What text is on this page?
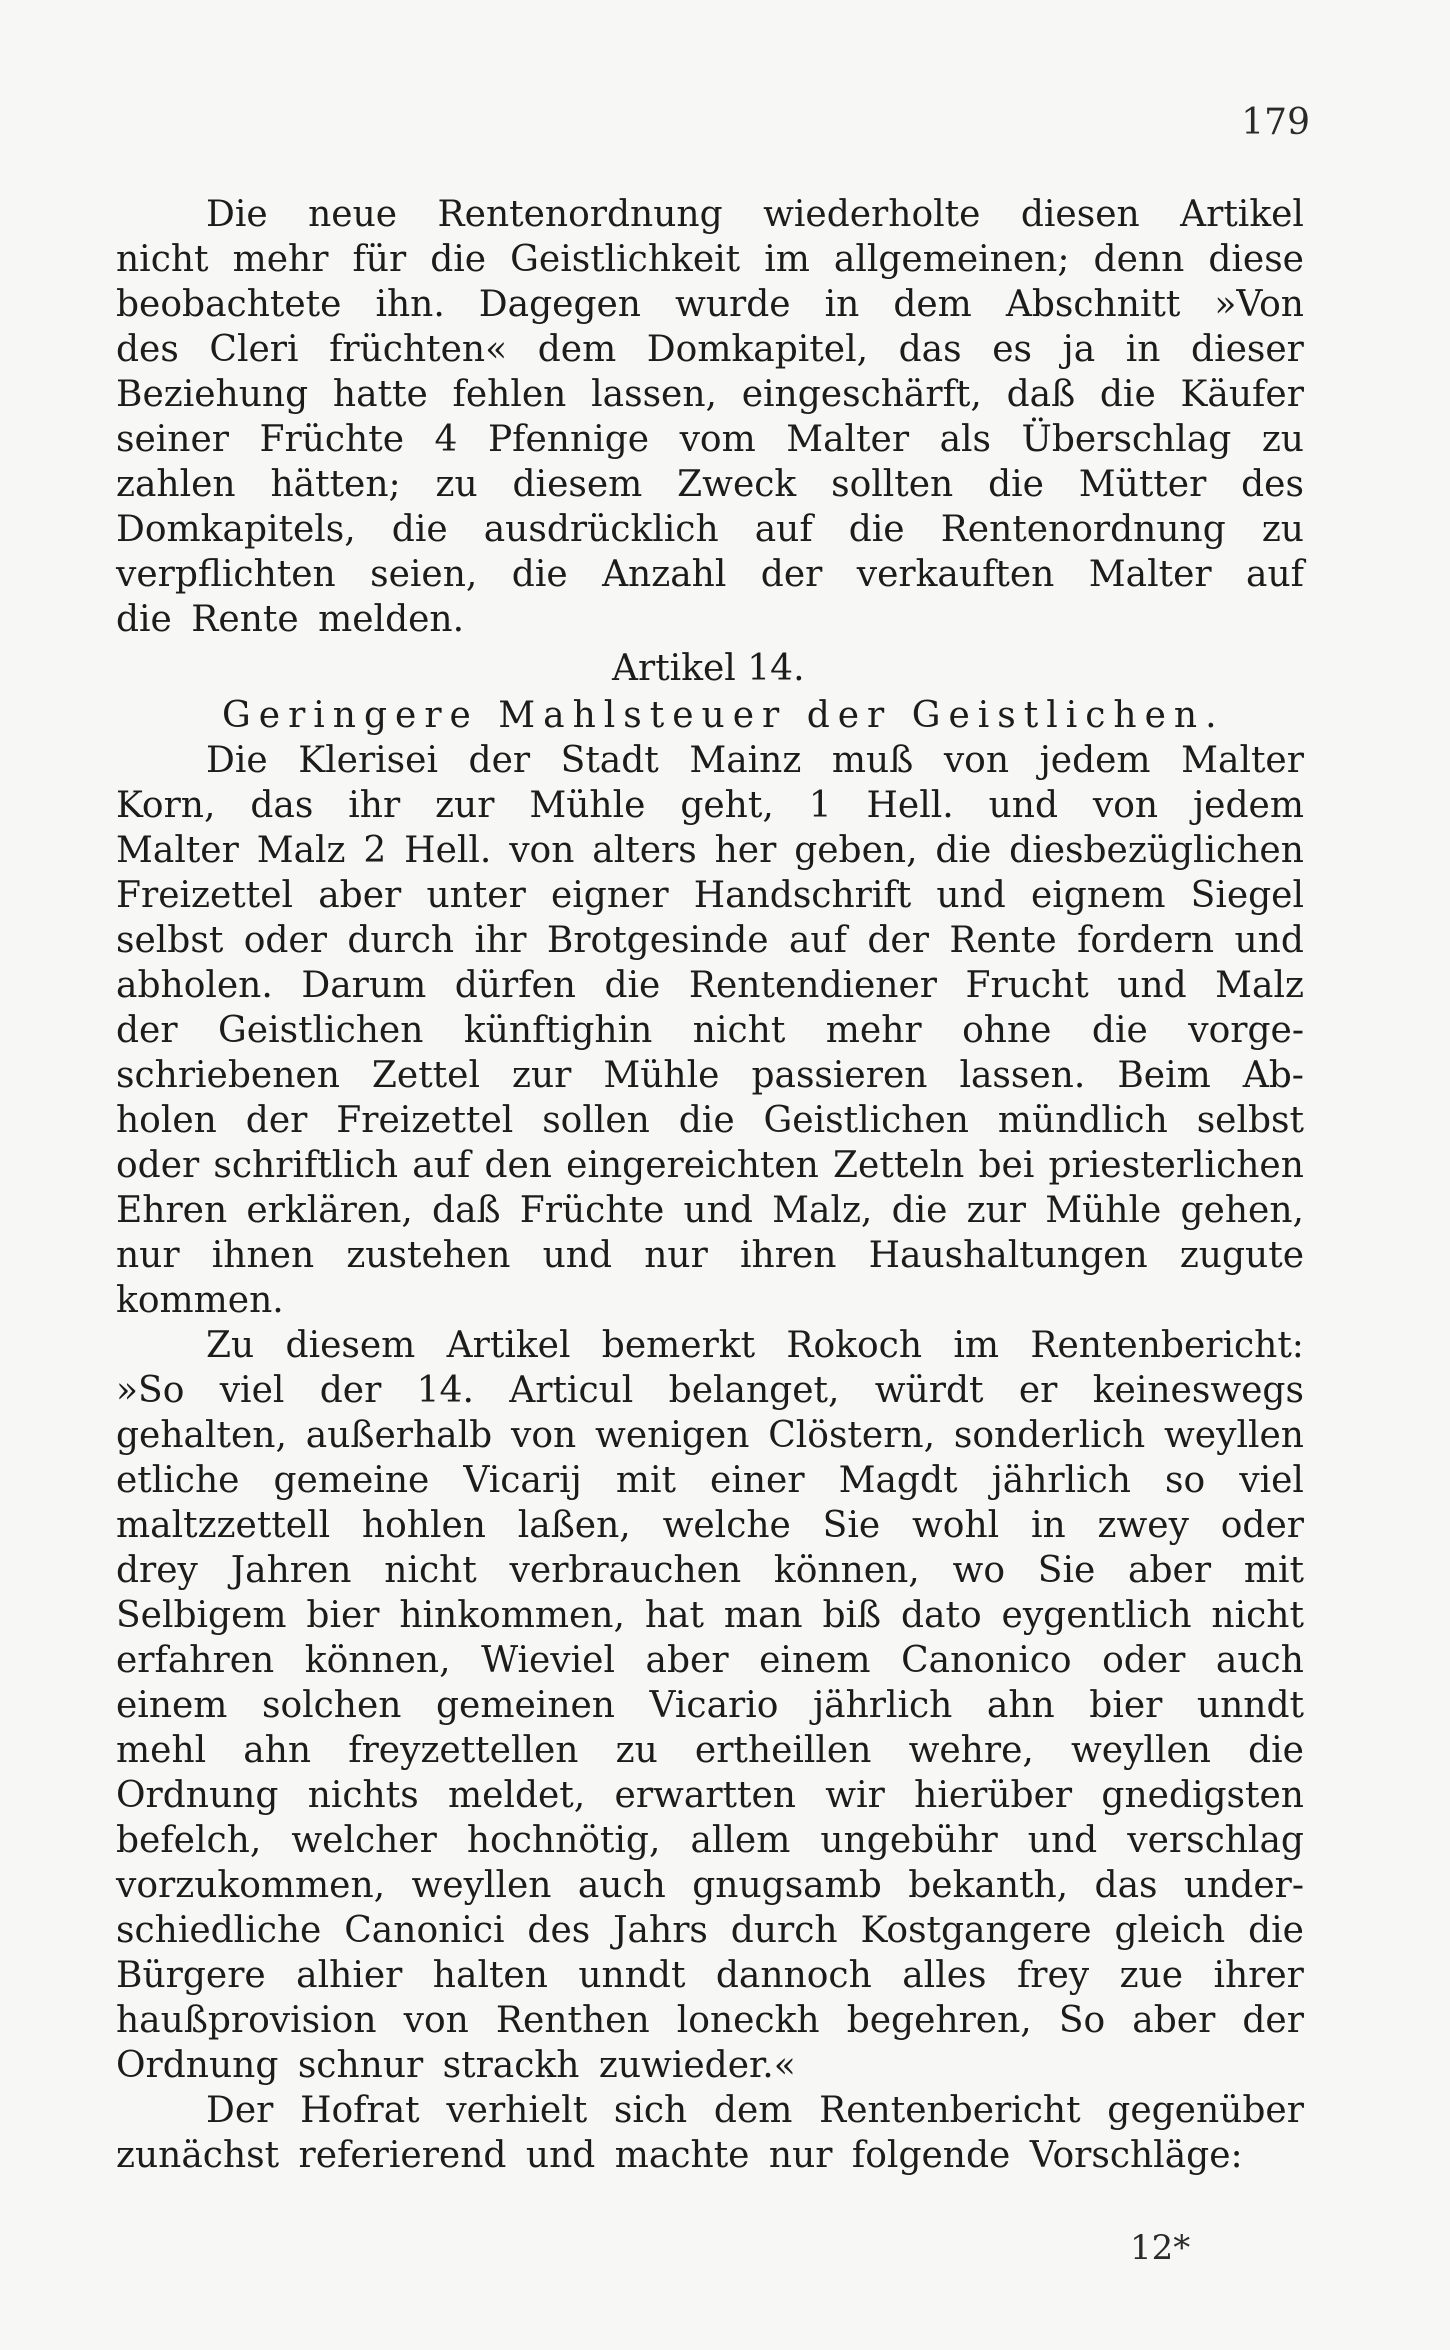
179
Die neue Rentenordnung wiederholte diesen Artikel
nicht mehr für die Geistlichkeit im allgemeinen; denn diese
beobachtete ihn. Dagegen wurde in dem Abschnitt »Von
des Cleri früchten« dem Domkapitel, das es ja in dieser
Beziehung hatte fehlen lassen, eingeschärft, daß die Käufer
seiner Früchte 4 Pfennige vom Malter als Überschlag zu
zahlen hätten; zu diesem Zweck sollten die Mütter des
Domkapitels, die ausdrücklich auf die Rentenordnung zu
verpflichten seien, die Anzahl der verkauften Malter auf
die Rente melden.
Artikel 14.
Geringere Mahlsteuer der Geistlichen.
Die Klerisei der Stadt Mainz muß von jedem Malter
Korn, das ihr zur Mühle geht, 1 Hell. und von jedem
Malter Malz 2 Hell. von alters her geben, die diesbezüglichen
Freizettel aber unter eigner Handschrift und eignem Siegel
selbst oder durch ihr Brotgesinde auf der Rente fordern und
abholen. Darum dürfen die Rentendiener Frucht und Malz
der Geistlichen künftighin nicht mehr ohne die vorge-
schriebenen Zettel zur Mühle passieren lassen. Beim Ab-
holen der Freizettel sollen die Geistlichen mündlich selbst
oder schriftlich auf den eingereichten Zetteln bei priesterlichen
Ehren erklären, daß Früchte und Malz, die zur Mühle gehen,
nur ihnen zustehen und nur ihren Haushaltungen zugute
kommen.
Zu diesem Artikel bemerkt Rokoch im Rentenbericht:
»So viel der 14. Articul belanget, würdt er keineswegs
gehalten, außerhalb von wenigen Clöstern, sonderlich weyllen
etliche gemeine Vicarij mit einer Magdt jährlich so viel
maltzzettell hohlen laßen, welche Sie wohl in zwey oder
drey Jahren nicht verbrauchen können, wo Sie aber mit
Selbigem bier hinkommen, hat man biß dato eygentlich nicht
erfahren können, Wieviel aber einem Canonico oder auch
einem solchen gemeinen Vicario jährlich ahn bier unndt
mehl ahn freyzettellen zu ertheillen wehre, weyllen die
Ordnung nichts meldet, erwartten wir hierüber gnedigsten
befelch, welcher hochnötig, allem ungebühr und verschlag
vorzukommen, weyllen auch gnugsamb bekanth, das under-
schiedliche Canonici des Jahrs durch Kostgangere gleich die
Bürgere alhier halten unndt dannoch alles frey zue ihrer
haußprovision von Renthen loneckh begehren, So aber der
Ordnung schnur strackh zuwieder.«
Der Hofrat verhielt sich dem Rentenbericht gegenüber
zunächst referierend und machte nur folgende Vorschläge:
12*
